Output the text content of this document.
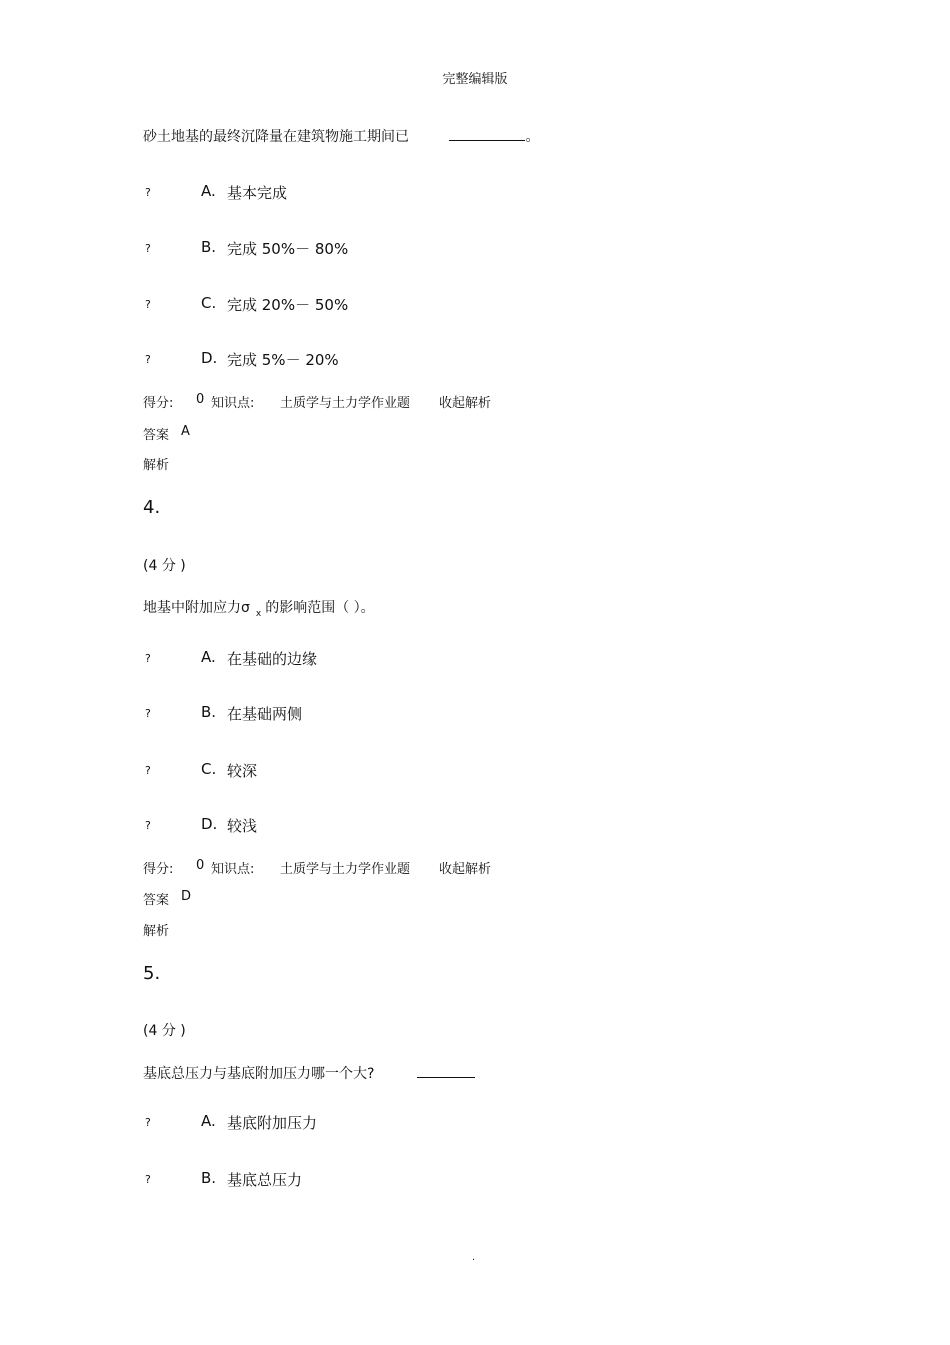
完整编辑版
砂土地基的最终沉降量在建筑物施工期间已	。
?	A. 基本完成
?	B. 完成 50%－ 80%
?	C. 完成 20%－ 50%
?	D. 完成 5%－ 20%
得分: 0 知识点: 土质学与土力学作业题 收起解析
答案 A
解析
4.
(4 分 )
地基中附加应力σ $_x$ 的影响范围（ ）。
?	A. 在基础的边缘
?	B. 在基础两侧
?	C. 较深
?	D. 较浅
得分: 0 知识点: 土质学与土力学作业题 收起解析
答案 D
解析
5.
(4 分 )
基底总压力与基底附加压力哪一个大?
?	A. 基底附加压力
?	B. 基底总压力
.
